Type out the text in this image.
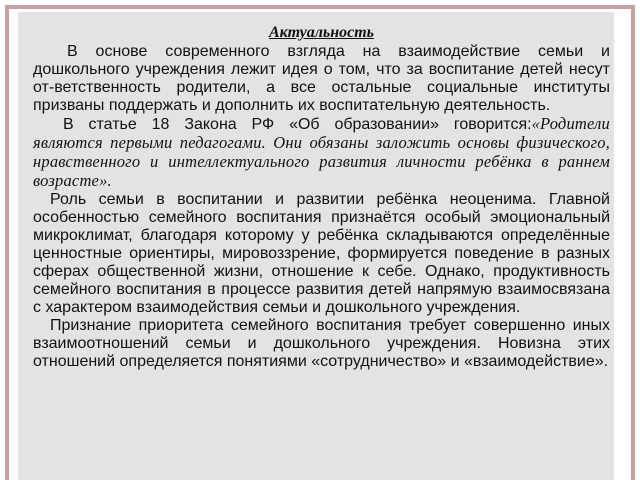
Актуальность

В основе современного взгляда на взаимодействие семьи и дошкольного учреждения лежит идея о том, что за воспитание детей несут от-ветственность родители, а все остальные социальные институты призваны поддержать и дополнить их воспитательную деятельность.

В статье 18 Закона РФ «Об образовании» говорится:«Родители являются первыми педагогами. Они обязаны заложить основы физического, нравственного и интеллектуального развития личности ребёнка в раннем возрасте».

Роль семьи в воспитании и развитии ребёнка неоценима. Главной особенностью семейного воспитания признаётся особый эмоциональный микроклимат, благодаря которому у ребёнка складываются определённые ценностные ориентиры, мировоззрение, формируется поведение в разных сферах общественной жизни, отношение к себе. Однако, продуктивность семейного воспитания в процессе развития детей напрямую взаимосвязана с характером взаимодействия семьи и дошкольного учреждения.

Признание приоритета семейного воспитания требует совершенно иных взаимоотношений семьи и дошкольного учреждения. Новизна этих отношений определяется понятиями «сотрудничество» и «взаимодействие».
